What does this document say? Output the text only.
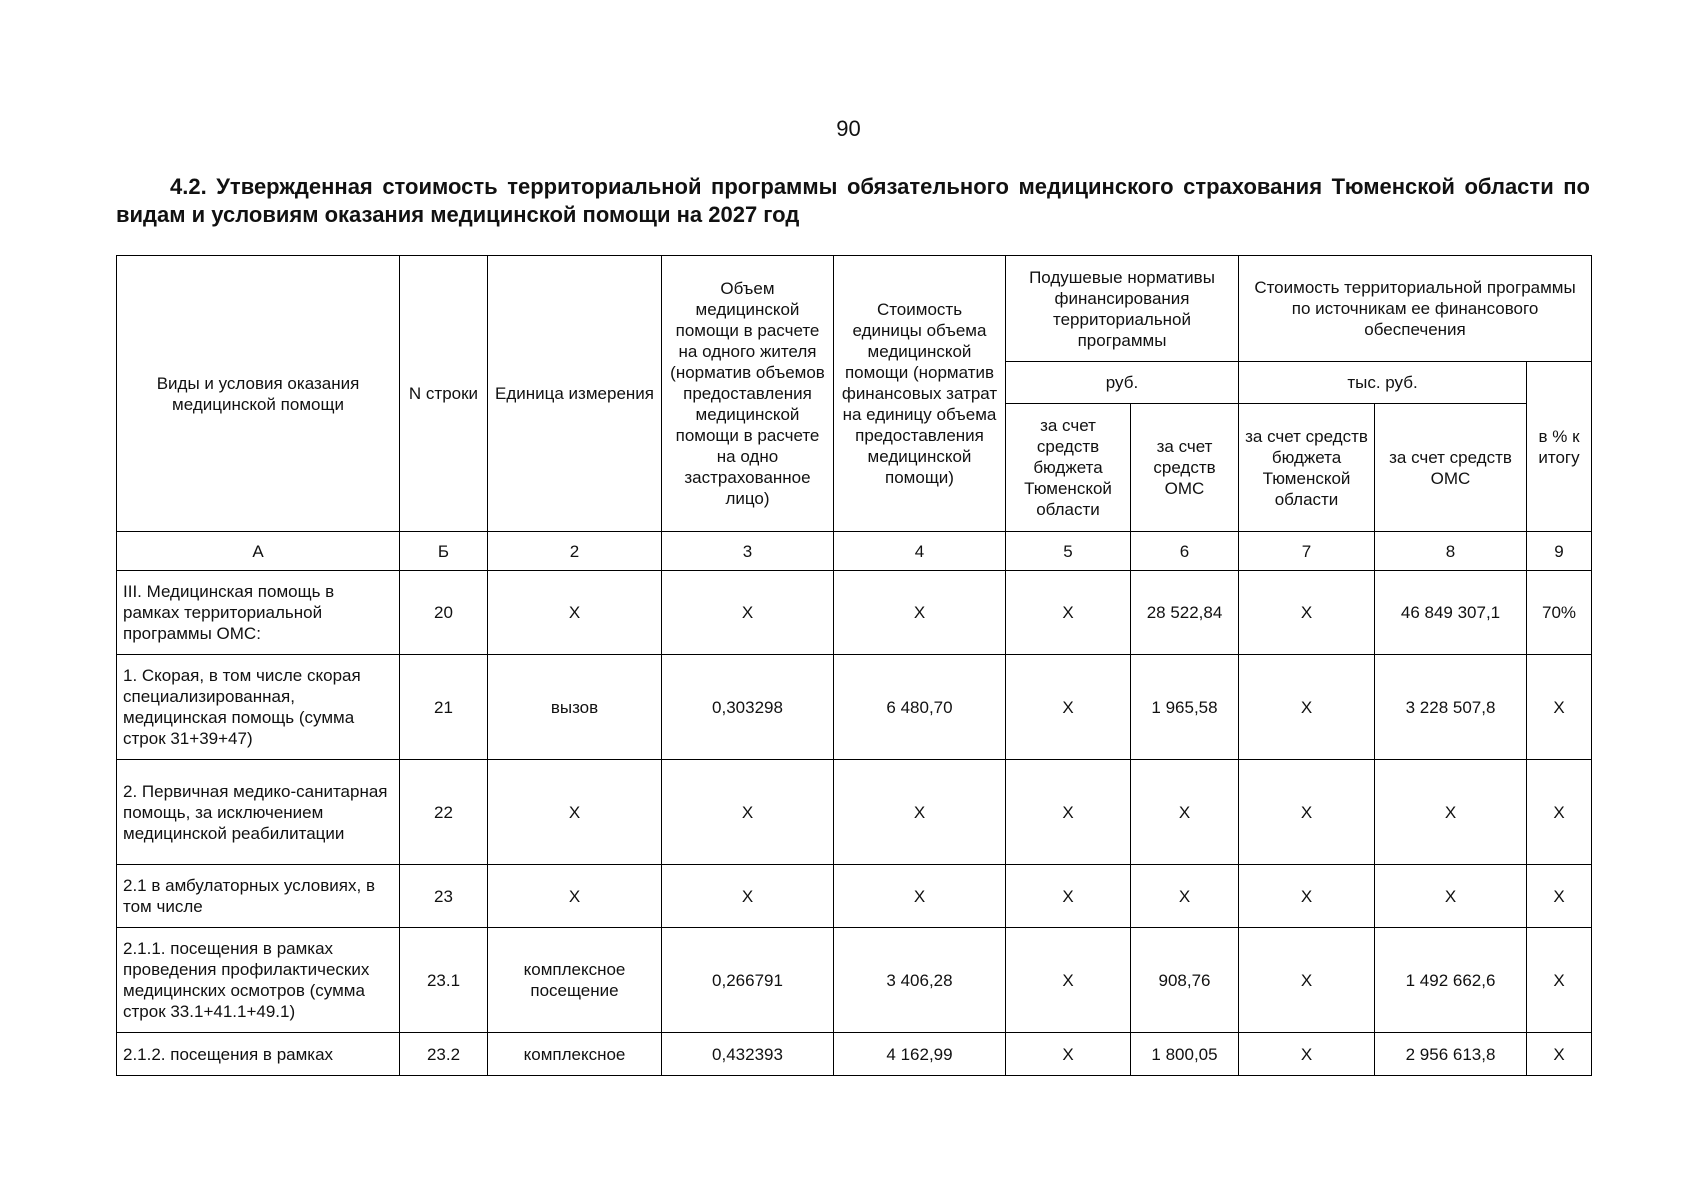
90
4.2. Утвержденная стоимость территориальной программы обязательного медицинского страхования Тюменской области по видам и условиям оказания медицинской помощи на 2027 год
Виды и условия оказания медицинской помощи	N строки	Единица измерения	Объем медицинской помощи в расчете на одного жителя (норматив объемов предоставления медицинской помощи в расчете на одно застрахованное лицо)	Стоимость единицы объема медицинской помощи (норматив финансовых затрат на единицу объема предоставления медицинской помощи)	Подушевые нормативы финансирования территориальной программы		Стоимость территориальной программы по источникам ее финансового обеспечения		
					руб.		тыс. руб.		в % к итогу
					за счет средств бюджета Тюменской области	за счет средств ОМС	за счет средств бюджета Тюменской области	за счет средств ОМС	
А	Б	2	3	4	5	6	7	8	9
III. Медицинская помощь в рамках территориальной программы ОМС:	20	Х	Х	Х	Х	28 522,84	Х	46 849 307,1	70%
1. Скорая, в том числе скорая специализированная, медицинская помощь (сумма строк 31+39+47)	21	вызов	0,303298	6 480,70	Х	1 965,58	Х	3 228 507,8	Х
2. Первичная медико-санитарная помощь, за исключением медицинской реабилитации	22	Х	Х	Х	Х	Х	Х	Х	Х
2.1 в амбулаторных условиях, в том числе	23	Х	Х	Х	Х	Х	Х	Х	Х
2.1.1. посещения в рамках проведения профилактических медицинских осмотров (сумма строк 33.1+41.1+49.1)	23.1	комплексное посещение	0,266791	3 406,28	Х	908,76	Х	1 492 662,6	Х
2.1.2. посещения в рамках	23.2	комплексное	0,432393	4 162,99	Х	1 800,05	Х	2 956 613,8	Х
